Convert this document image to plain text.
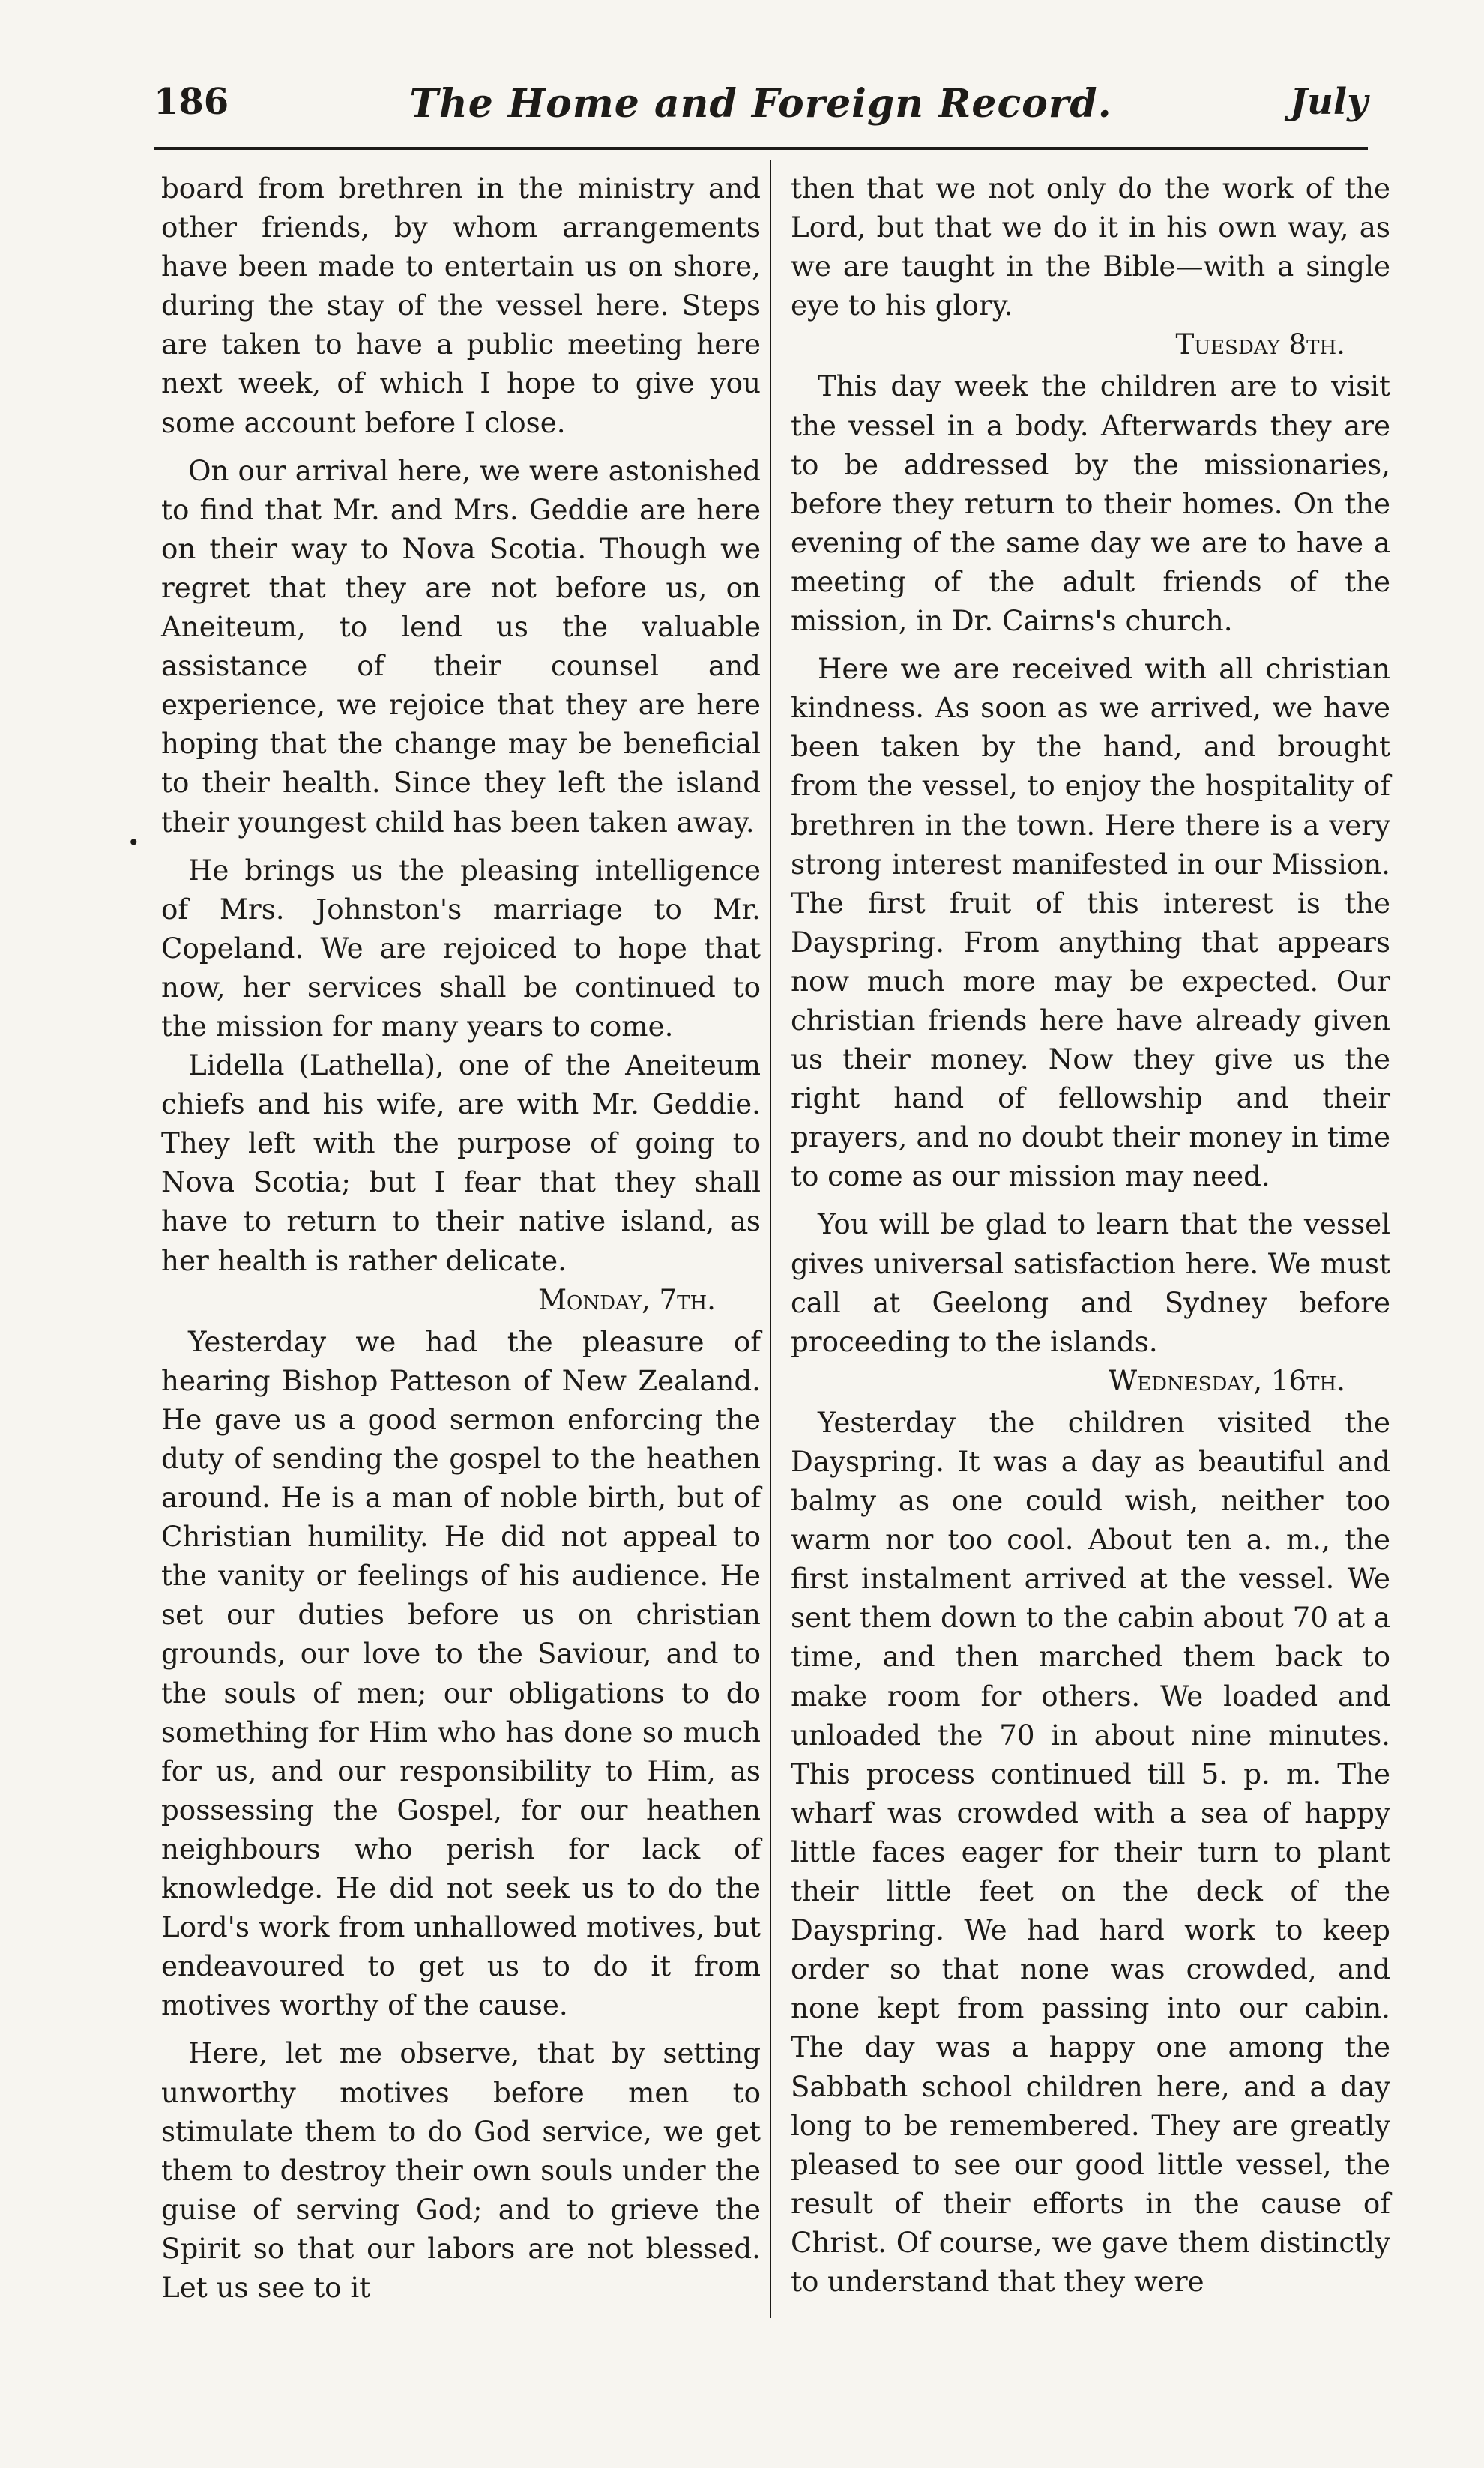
186	The Home and Foreign Record.	July
•

board from brethren in the ministry and other friends, by whom arrangements have been made to entertain us on shore, during the stay of the vessel here. Steps are taken to have a public meeting here next week, of which I hope to give you some account before I close.

On our arrival here, we were astonished to find that Mr. and Mrs. Geddie are here on their way to Nova Scotia. Though we regret that they are not before us, on Aneiteum, to lend us the valuable assistance of their counsel and experience, we rejoice that they are here hoping that the change may be beneficial to their health. Since they left the island their youngest child has been taken away.

He brings us the pleasing intelligence of Mrs. Johnston's marriage to Mr. Copeland. We are rejoiced to hope that now, her services shall be continued to the mission for many years to come.

Lidella (Lathella), one of the Aneiteum chiefs and his wife, are with Mr. Geddie. They left with the purpose of going to Nova Scotia; but I fear that they shall have to return to their native island, as her health is rather delicate.

Monday, 7th.

Yesterday we had the pleasure of hearing Bishop Patteson of New Zealand. He gave us a good sermon enforcing the duty of sending the gospel to the heathen around. He is a man of noble birth, but of Christian humility. He did not appeal to the vanity or feelings of his audience. He set our duties before us on christian grounds, our love to the Saviour, and to the souls of men; our obligations to do something for Him who has done so much for us, and our responsibility to Him, as possessing the Gospel, for our heathen neighbours who perish for lack of knowledge. He did not seek us to do the Lord's work from unhallowed motives, but endeavoured to get us to do it from motives worthy of the cause.

Here, let me observe, that by setting unworthy motives before men to stimulate them to do God service, we get them to destroy their own souls under the guise of serving God; and to grieve the Spirit so that our labors are not blessed. Let us see to it

then that we not only do the work of the Lord, but that we do it in his own way, as we are taught in the Bible—with a single eye to his glory.

Tuesday 8th.

This day week the children are to visit the vessel in a body. Afterwards they are to be addressed by the missionaries, before they return to their homes. On the evening of the same day we are to have a meeting of the adult friends of the mission, in Dr. Cairns's church.

Here we are received with all christian kindness. As soon as we arrived, we have been taken by the hand, and brought from the vessel, to enjoy the hospitality of brethren in the town. Here there is a very strong interest manifested in our Mission. The first fruit of this interest is the Dayspring. From anything that appears now much more may be expected. Our christian friends here have already given us their money. Now they give us the right hand of fellowship and their prayers, and no doubt their money in time to come as our mission may need.

You will be glad to learn that the vessel gives universal satisfaction here. We must call at Geelong and Sydney before proceeding to the islands.

Wednesday, 16th.

Yesterday the children visited the Dayspring. It was a day as beautiful and balmy as one could wish, neither too warm nor too cool. About ten a. m., the first instalment arrived at the vessel. We sent them down to the cabin about 70 at a time, and then marched them back to make room for others. We loaded and unloaded the 70 in about nine minutes. This process continued till 5. p. m. The wharf was crowded with a sea of happy little faces eager for their turn to plant their little feet on the deck of the Dayspring. We had hard work to keep order so that none was crowded, and none kept from passing into our cabin. The day was a happy one among the Sabbath school children here, and a day long to be remembered. They are greatly pleased to see our good little vessel, the result of their efforts in the cause of Christ. Of course, we gave them distinctly to understand that they were
